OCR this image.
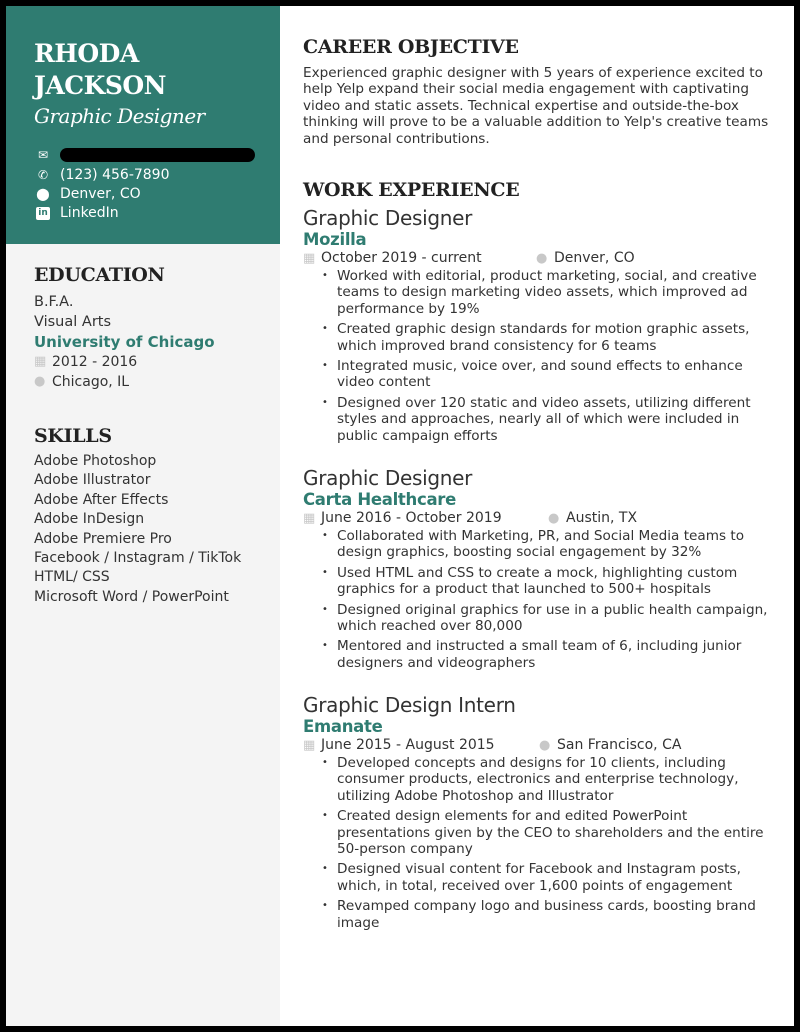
RHODA
JACKSON
Graphic Designer
✉
✆ (123) 456-7890
⬤ Denver, CO
in LinkedIn
EDUCATION
B.F.A.
Visual Arts
University of Chicago
▦ 2012 - 2016
● Chicago, IL
SKILLS
Adobe Photoshop
Adobe Illustrator
Adobe After Effects
Adobe InDesign
Adobe Premiere Pro
Facebook / Instagram / TikTok
HTML/ CSS
Microsoft Word / PowerPoint
CAREER OBJECTIVE
Experienced graphic designer with 5 years of experience excited to help Yelp expand their social media engagement with captivating video and static assets. Technical expertise and outside-the-box thinking will prove to be a valuable addition to Yelp's creative teams and personal contributions.
WORK EXPERIENCE
Graphic Designer
Mozilla
▦ October 2019 - current	● Denver, CO
• Worked with editorial, product marketing, social, and creative teams to design marketing video assets, which improved ad performance by 19%
• Created graphic design standards for motion graphic assets, which improved brand consistency for 6 teams
• Integrated music, voice over, and sound effects to enhance video content
• Designed over 120 static and video assets, utilizing different styles and approaches, nearly all of which were included in public campaign efforts
Graphic Designer
Carta Healthcare
▦ June 2016 - October 2019	● Austin, TX
• Collaborated with Marketing, PR, and Social Media teams to design graphics, boosting social engagement by 32%
• Used HTML and CSS to create a mock, highlighting custom graphics for a product that launched to 500+ hospitals
• Designed original graphics for use in a public health campaign, which reached over 80,000
• Mentored and instructed a small team of 6, including junior designers and videographers
Graphic Design Intern
Emanate
▦ June 2015 - August 2015	● San Francisco, CA
• Developed concepts and designs for 10 clients, including consumer products, electronics and enterprise technology, utilizing Adobe Photoshop and Illustrator
• Created design elements for and edited PowerPoint presentations given by the CEO to shareholders and the entire 50-person company
• Designed visual content for Facebook and Instagram posts, which, in total, received over 1,600 points of engagement
• Revamped company logo and business cards, boosting brand image
